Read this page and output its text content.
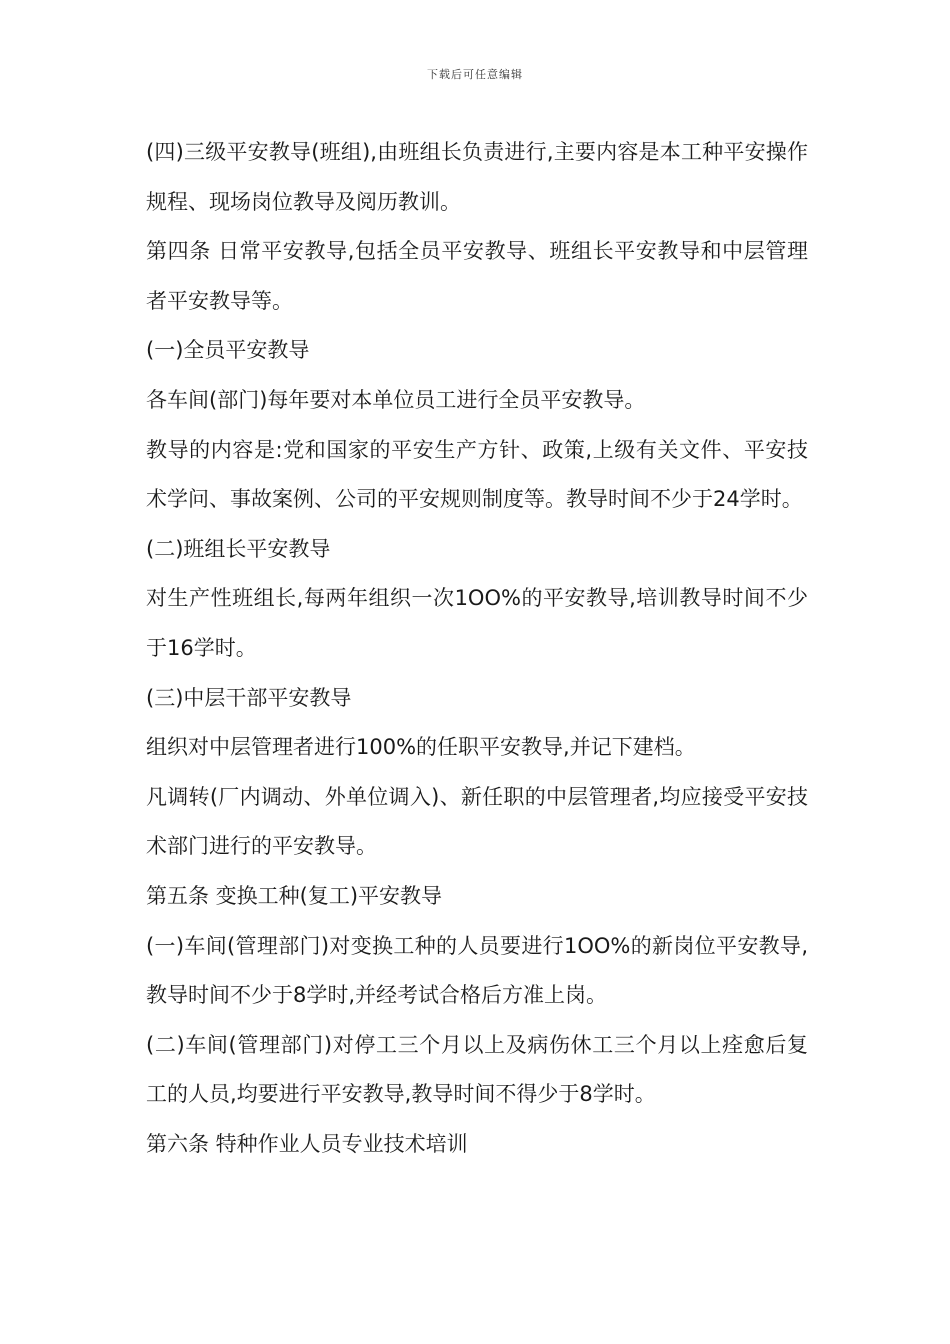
下载后可任意编辑

(四)三级平安教导(班组),由班组长负责进行,主要内容是本工种平安操作规程、现场岗位教导及阅历教训。

第四条 日常平安教导,包括全员平安教导、班组长平安教导和中层管理者平安教导等。

(一)全员平安教导

各车间(部门)每年要对本单位员工进行全员平安教导。

教导的内容是:党和国家的平安生产方针、政策,上级有关文件、平安技术学问、事故案例、公司的平安规则制度等。教导时间不少于24学时。

(二)班组长平安教导

对生产性班组长,每两年组织一次1OO%的平安教导,培训教导时间不少于16学时。

(三)中层干部平安教导

组织对中层管理者进行100%的任职平安教导,并记下建档。

凡调转(厂内调动、外单位调入)、新任职的中层管理者,均应接受平安技术部门进行的平安教导。

第五条 变换工种(复工)平安教导

(一)车间(管理部门)对变换工种的人员要进行1OO%的新岗位平安教导,教导时间不少于8学时,并经考试合格后方准上岗。

(二)车间(管理部门)对停工三个月以上及病伤休工三个月以上痊愈后复工的人员,均要进行平安教导,教导时间不得少于8学时。

第六条 特种作业人员专业技术培训
